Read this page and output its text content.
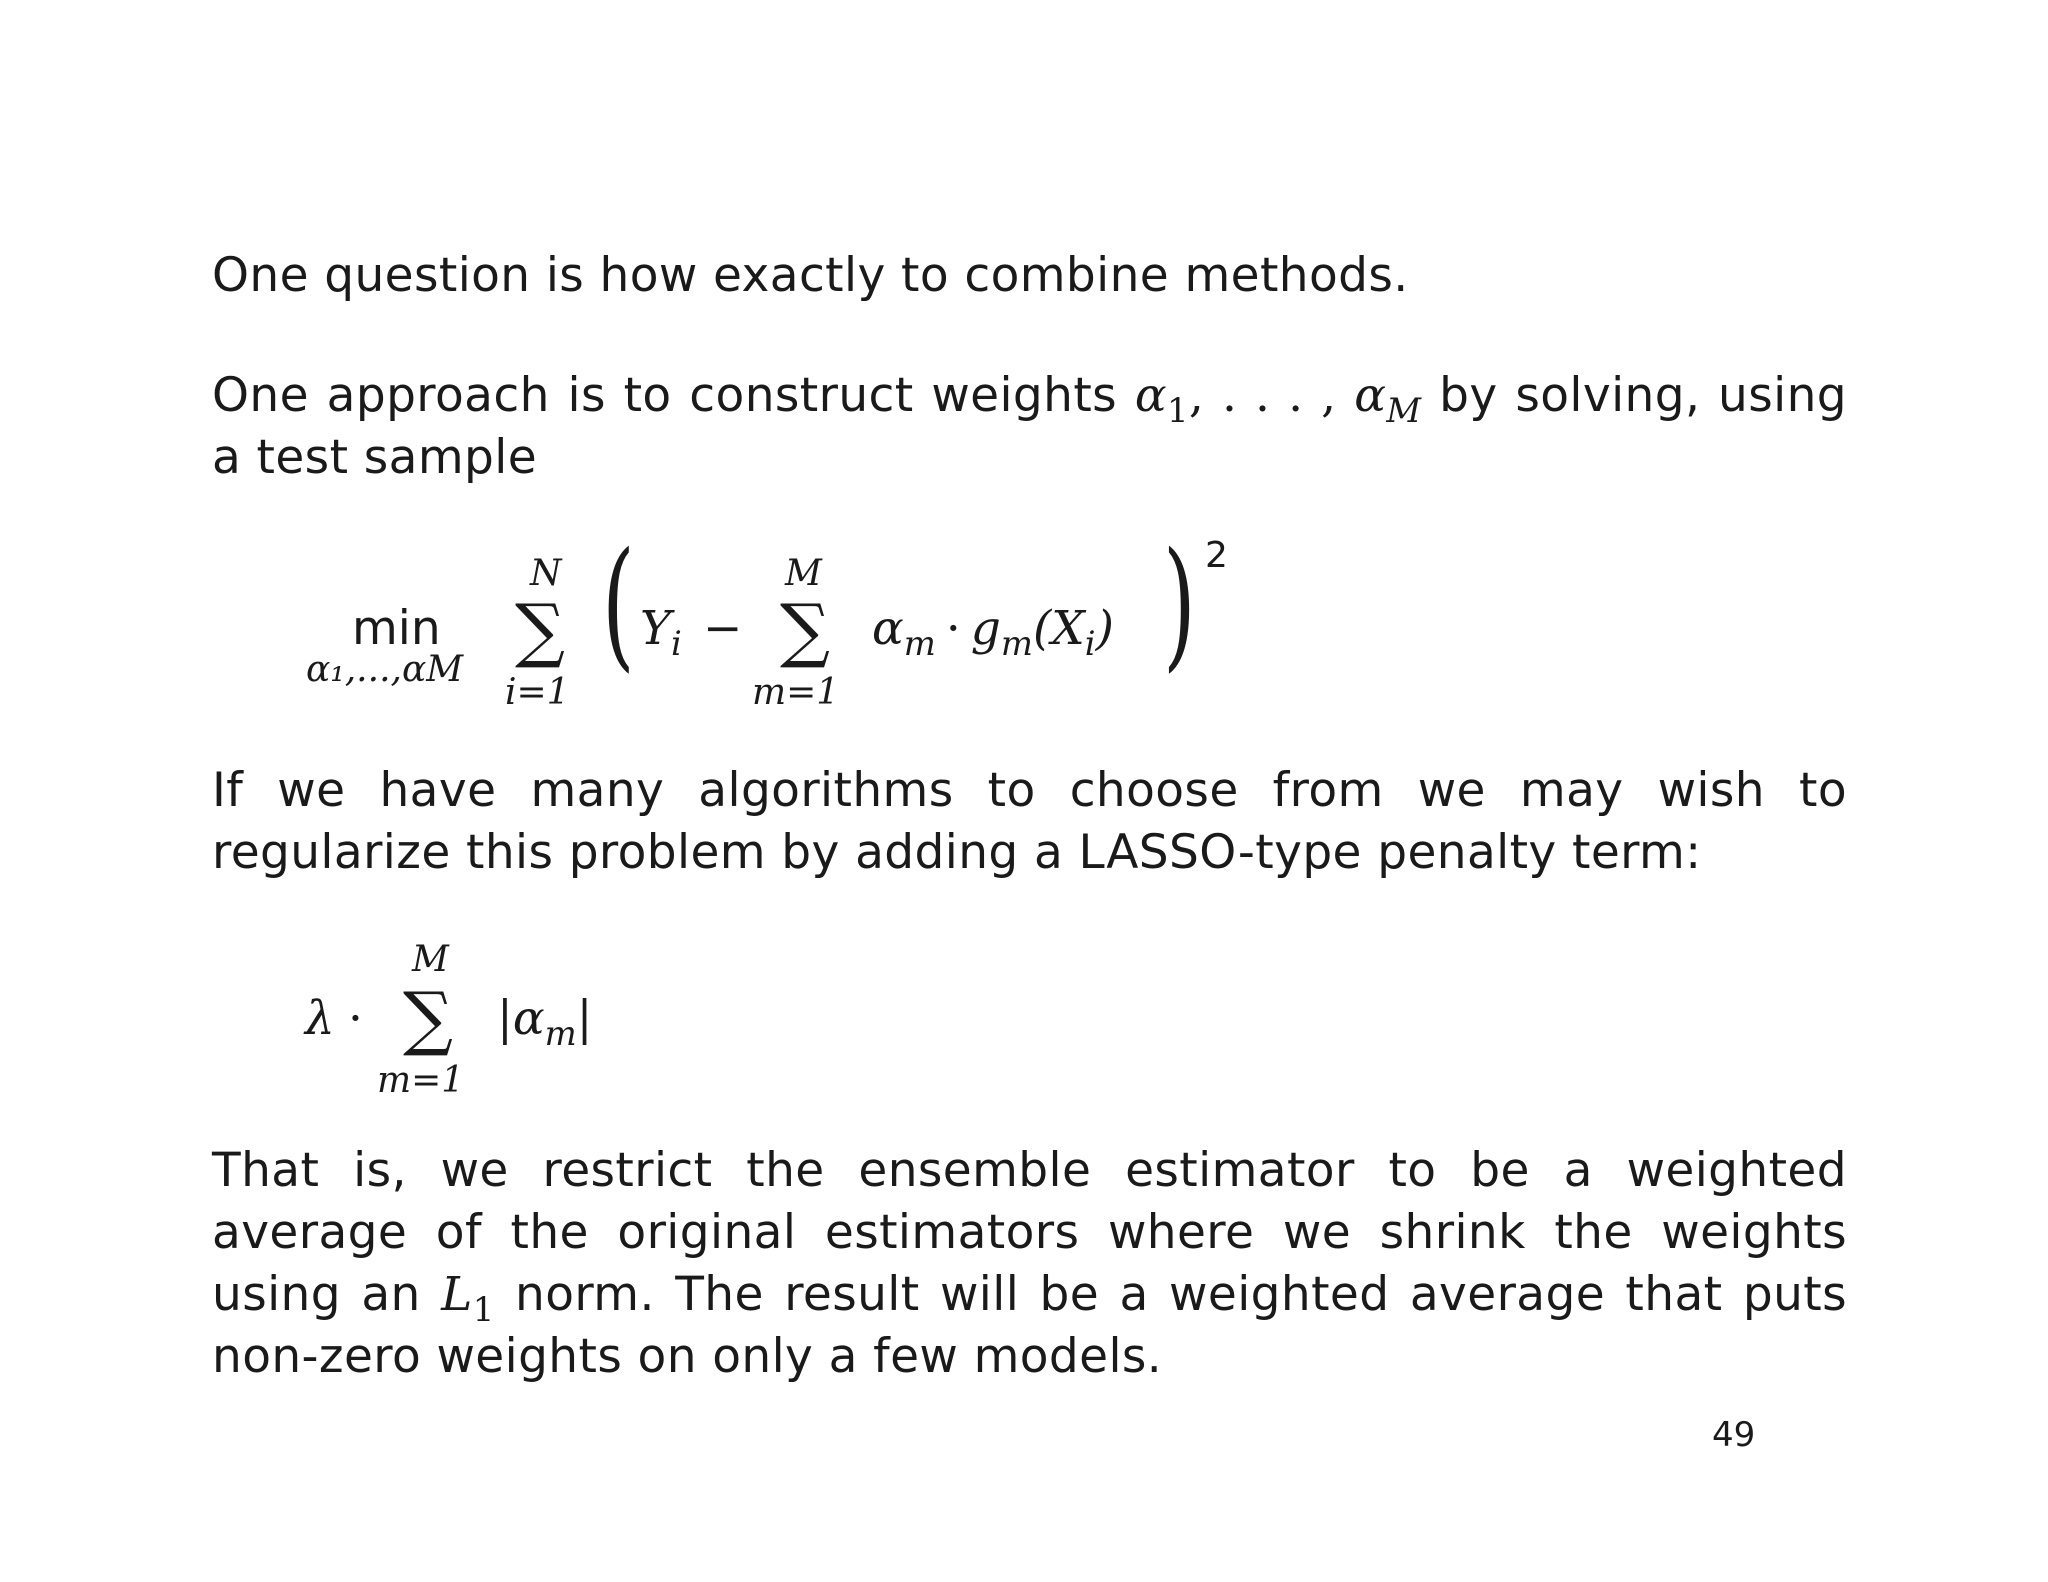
One question is how exactly to combine methods.

One approach is to construct weights $\alpha_1$, . . . , $\alpha_M$ by solving, using a test sample

min
α₁,...,αM
N
∑
i=1
( $Y_i$ −
M
∑
m=1
$\alpha_m \cdot g_m(X_i)$ ) 2

If we have many algorithms to choose from we may wish to regularize this problem by adding a LASSO-type penalty term:

λ ·
M
∑
m=1
$|\alpha_m|$

That is, we restrict the ensemble estimator to be a weighted average of the original estimators where we shrink the weights using an $L_1$ norm. The result will be a weighted average that puts non-zero weights on only a few models.

49
